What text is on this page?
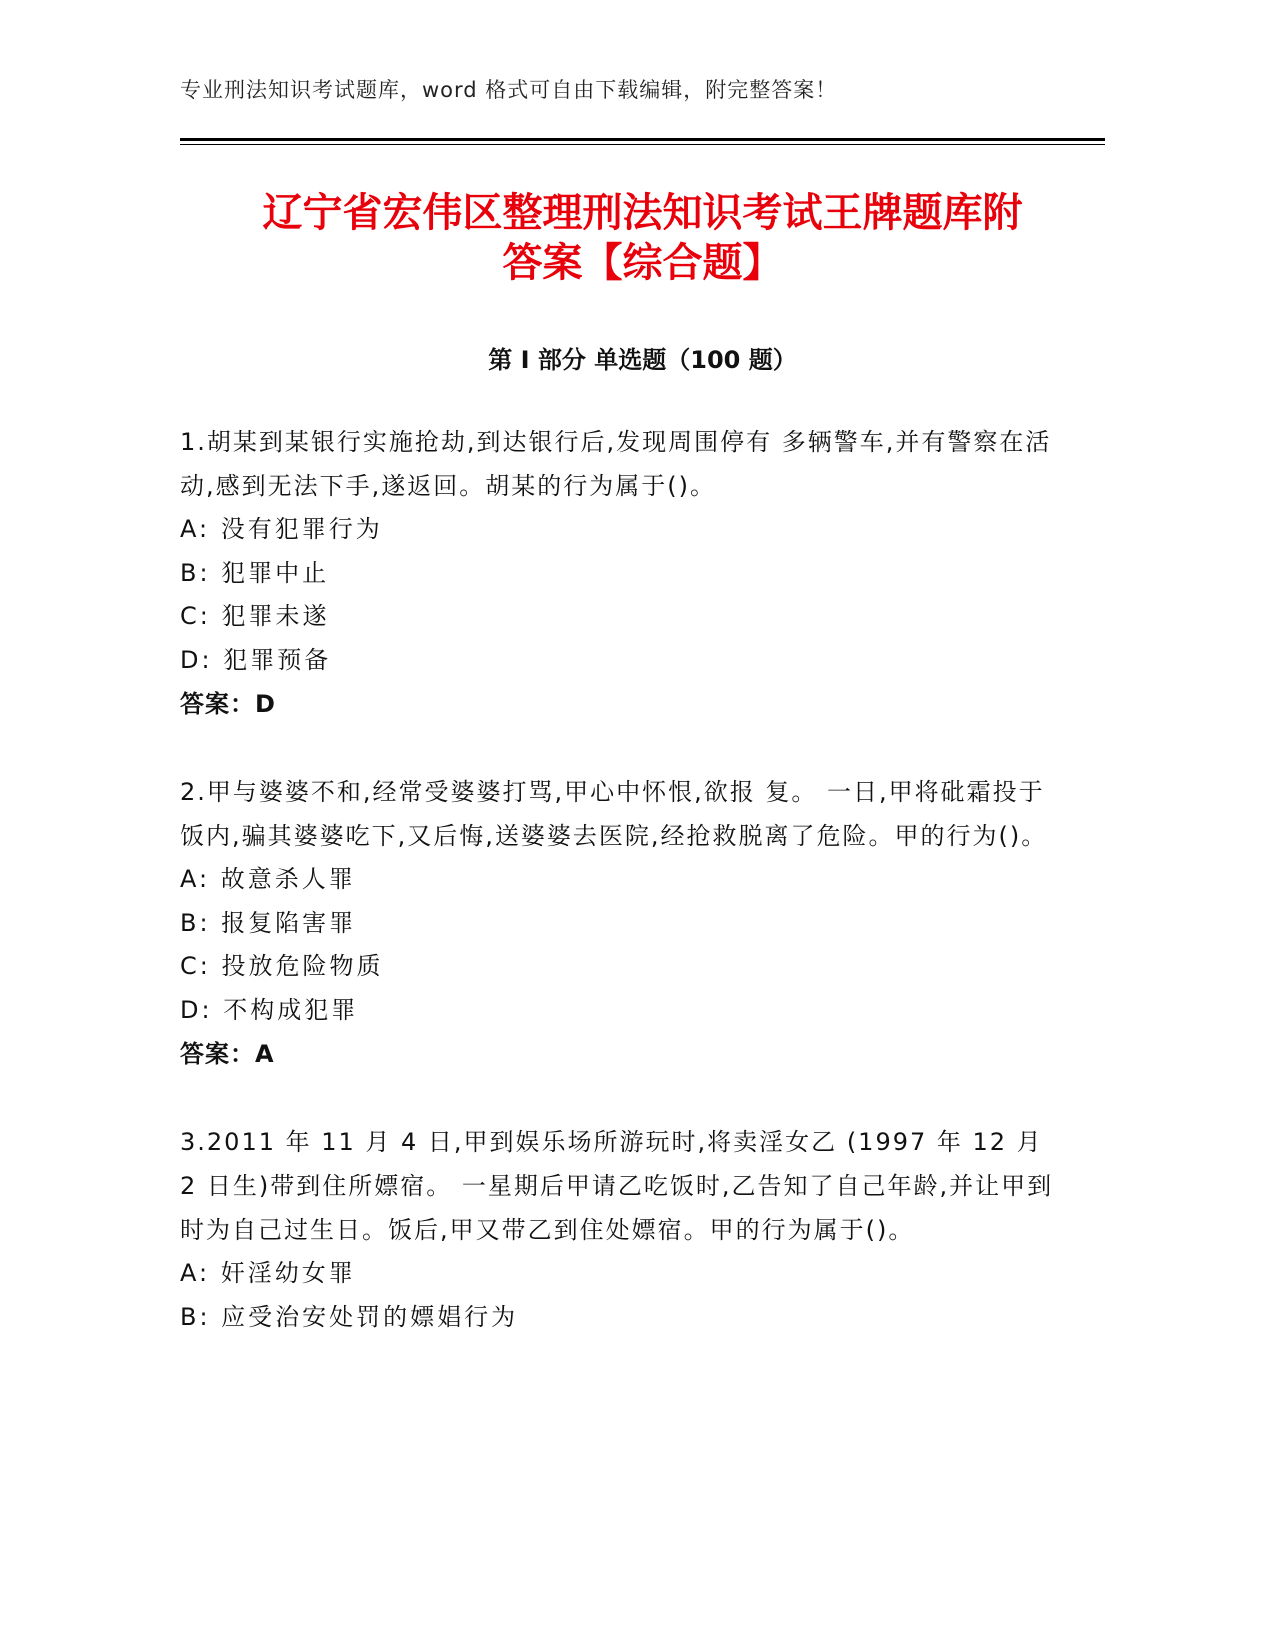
专业刑法知识考试题库，word 格式可自由下载编辑，附完整答案！
辽宁省宏伟区整理刑法知识考试王牌题库附
答案【综合题】
第 I 部分 单选题（100 题）

1.胡某到某银行实施抢劫,到达银行后,发现周围停有 多辆警车,并有警察在活动,感到无法下手,遂返回。胡某的行为属于()。

A: 没有犯罪行为

B: 犯罪中止

C: 犯罪未遂

D: 犯罪预备

答案：D

2.甲与婆婆不和,经常受婆婆打骂,甲心中怀恨,欲报 复。 一日,甲将砒霜投于饭内,骗其婆婆吃下,又后悔,送婆婆去医院,经抢救脱离了危险。甲的行为()。

A: 故意杀人罪

B: 报复陷害罪

C: 投放危险物质

D: 不构成犯罪

答案：A

3.2011 年 11 月 4 日,甲到娱乐场所游玩时,将卖淫女乙 (1997 年 12 月 2 日生)带到住所嫖宿。 一星期后甲请乙吃饭时,乙告知了自己年龄,并让甲到时为自己过生日。饭后,甲又带乙到住处嫖宿。甲的行为属于()。

A: 奸淫幼女罪

B: 应受治安处罚的嫖娼行为
